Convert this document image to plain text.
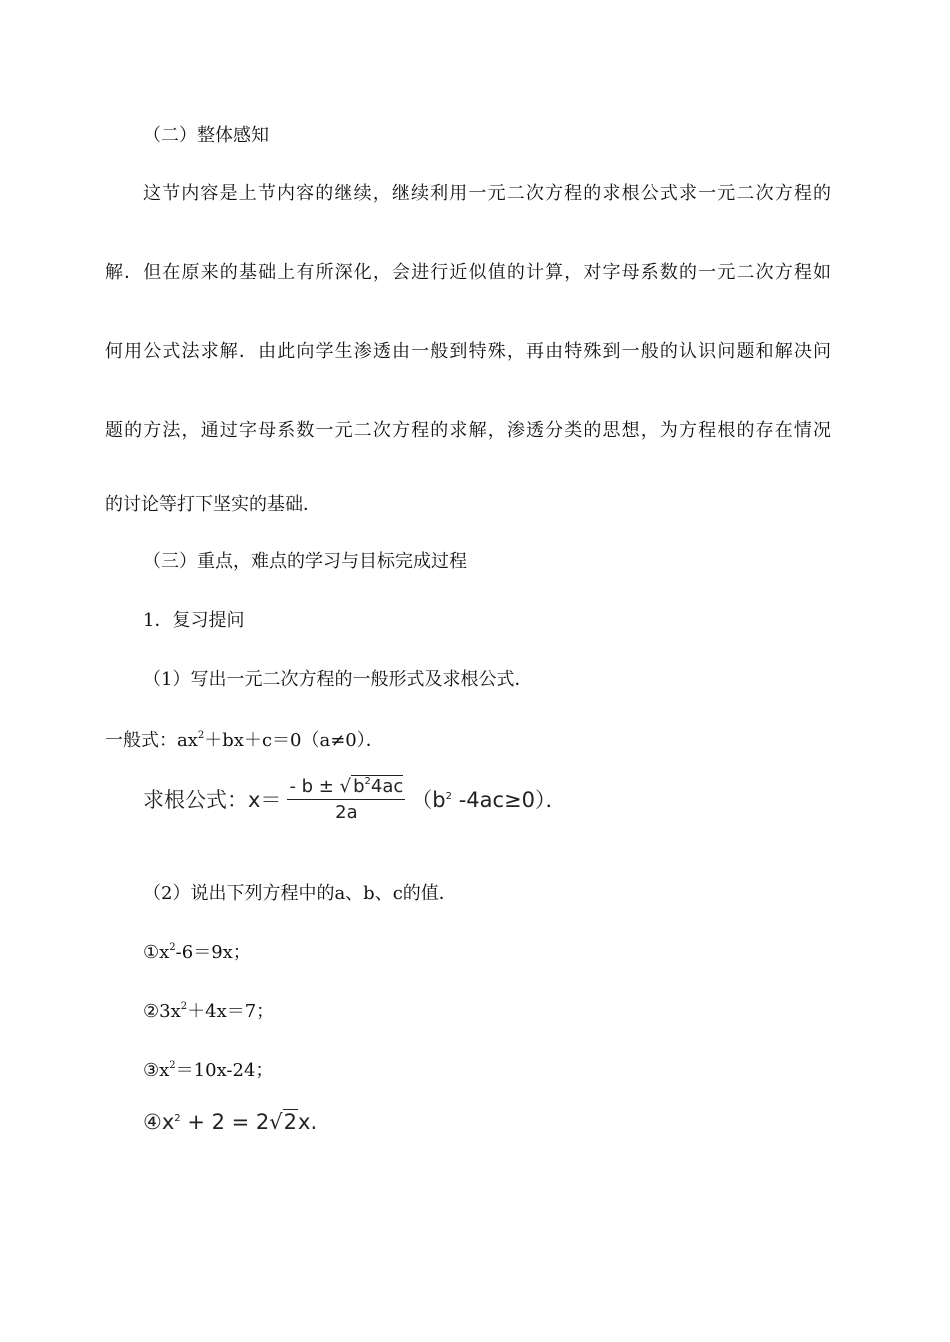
（二）整体感知
这节内容是上节内容的继续，继续利用一元二次方程的求根公式求一元二次方程的
解．但在原来的基础上有所深化，会进行近似值的计算，对字母系数的一元二次方程如
何用公式法求解．由此向学生渗透由一般到特殊，再由特殊到一般的认识问题和解决问
题的方法，通过字母系数一元二次方程的求解，渗透分类的思想，为方程根的存在情况
的讨论等打下坚实的基础．
（三）重点，难点的学习与目标完成过程
1．复习提问
（1）写出一元二次方程的一般形式及求根公式．
一般式：$ax^2+bx+c=0(a\ne 0)$．
求根公式：$x= \frac{- b \pm √ b^24ac}{2a} (b^2$ -4ac≥0）．
（2）说出下列方程中的a、b、c的值．
$①x^2-6=9x$；
$②3x^2+4x=7$；
$③x^2=10x-24$；
$④x^2 + 2 = 2√2x$.
